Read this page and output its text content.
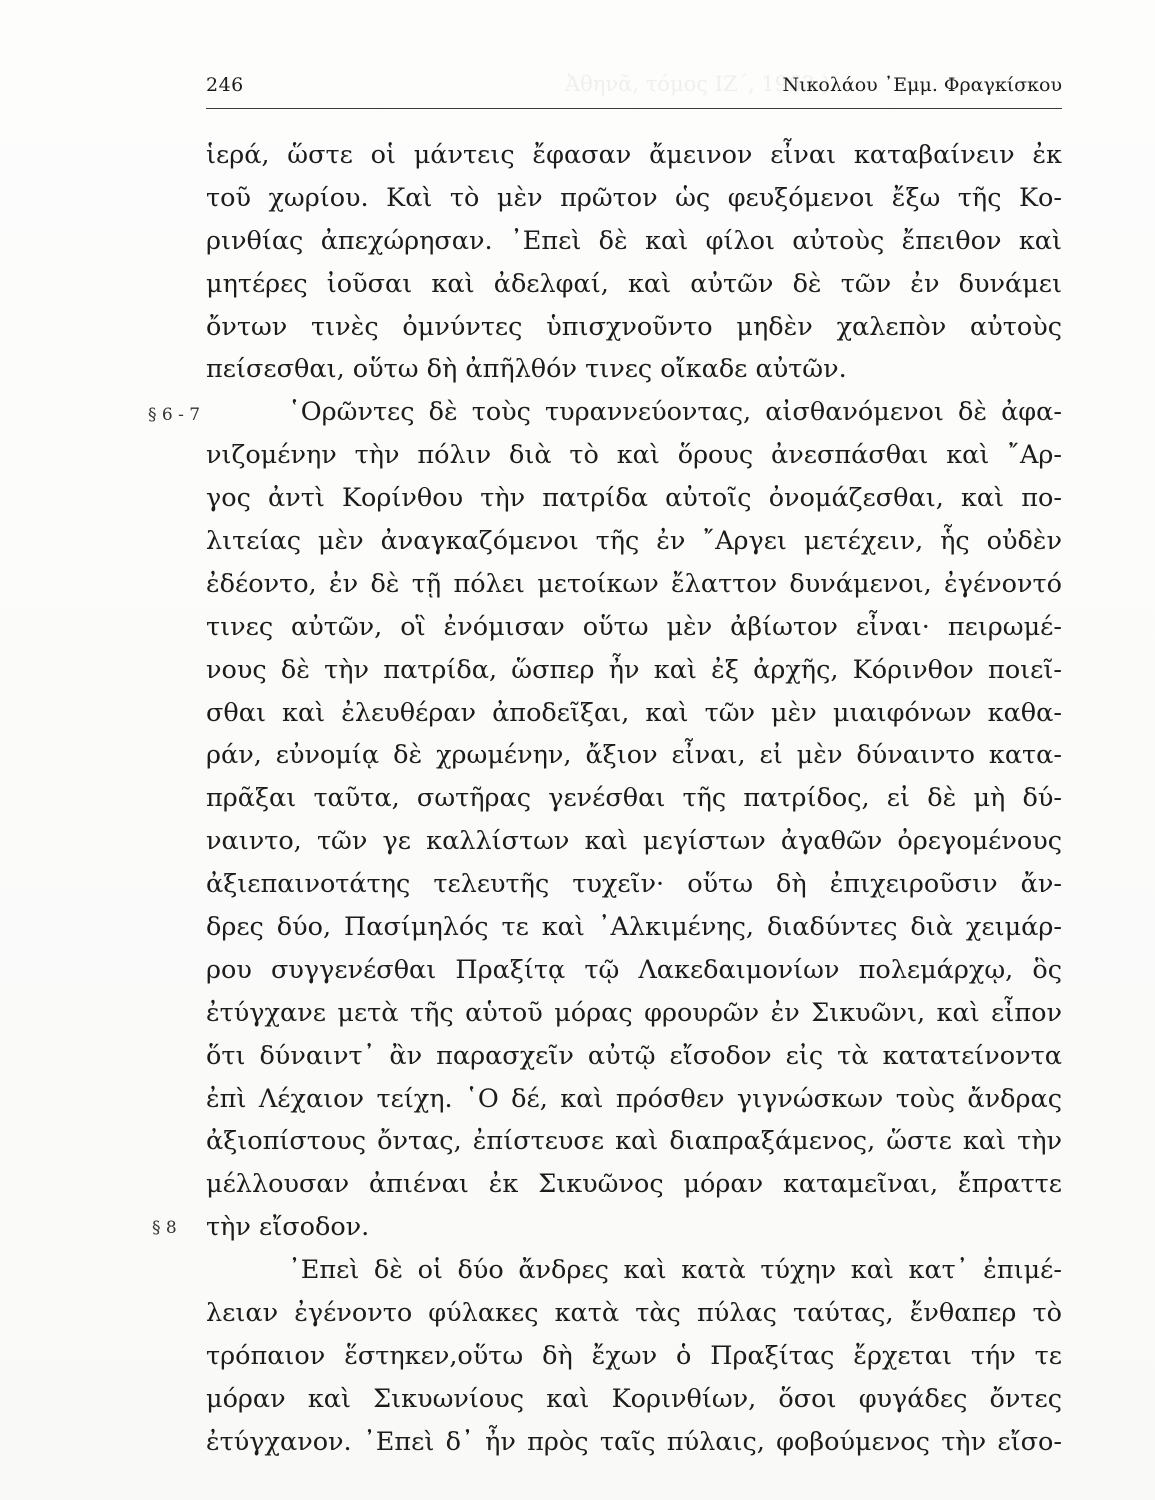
Ἀθηνᾶ, τόμος ΙΖ΄, 1963 )
246	Νικολάου ᾿Εμμ. Φραγκίσκου
§ 6 - 7
§ 8
ἱερά, ὥστε οἱ μάντεις ἔφασαν ἄμεινον εἶναι καταβαίνειν ἐκ
τοῦ χωρίου. Καὶ τὸ μὲν πρῶτον ὡς φευξόμενοι ἔξω τῆς Κο-
ρινθίας ἀπεχώρησαν. ᾿Επεὶ δὲ καὶ φίλοι αὐτοὺς ἔπειθον καὶ
μητέρες ἰοῦσαι καὶ ἀδελφαί, καὶ αὐτῶν δὲ τῶν ἐν δυνάμει
ὄντων τινὲς ὀμνύντες ὑπισχνοῦντο μηδὲν χαλεπὸν αὐτοὺς
πείσεσθαι, οὕτω δὴ ἀπῆλθόν τινες οἴκαδε αὐτῶν.
῾Ορῶντες δὲ τοὺς τυραννεύοντας, αἰσθανόμενοι δὲ ἀφα-
νιζομένην τὴν πόλιν διὰ τὸ καὶ ὅρους ἀνεσπάσθαι καὶ ῎Αρ-
γος ἀντὶ Κορίνθου τὴν πατρίδα αὐτοῖς ὀνομάζεσθαι, καὶ πο-
λιτείας μὲν ἀναγκαζόμενοι τῆς ἐν ῎Αργει μετέχειν, ἧς οὐδὲν
ἐδέοντο, ἐν δὲ τῇ πόλει μετοίκων ἔλαττον δυνάμενοι, ἐγένοντό
τινες αὐτῶν, οἳ ἐνόμισαν οὕτω μὲν ἀβίωτον εἶναι· πειρωμέ-
νους δὲ τὴν πατρίδα, ὥσπερ ἦν καὶ ἐξ ἀρχῆς, Κόρινθον ποιεῖ-
σθαι καὶ ἐλευθέραν ἀποδεῖξαι, καὶ τῶν μὲν μιαιφόνων καθα-
ράν, εὐνομίᾳ δὲ χρωμένην, ἄξιον εἶναι, εἰ μὲν δύναιντο κατα-
πρᾶξαι ταῦτα, σωτῆρας γενέσθαι τῆς πατρίδος, εἰ δὲ μὴ δύ-
ναιντο, τῶν γε καλλίστων καὶ μεγίστων ἀγαθῶν ὀρεγομένους
ἀξιεπαινοτάτης τελευτῆς τυχεῖν· οὕτω δὴ ἐπιχειροῦσιν ἄν-
δρες δύο, Πασίμηλός τε καὶ ᾿Αλκιμένης, διαδύντες διὰ χειμάρ-
ρου συγγενέσθαι Πραξίτᾳ τῷ Λακεδαιμονίων πολεμάρχῳ, ὃς
ἐτύγχανε μετὰ τῆς αὑτοῦ μόρας φρουρῶν ἐν Σικυῶνι, καὶ εἶπον
ὅτι δύναιντ᾿ ἂν παρασχεῖν αὐτῷ εἴσοδον εἰς τὰ κατατείνοντα
ἐπὶ Λέχαιον τείχη. ῾Ο δέ, καὶ πρόσθεν γιγνώσκων τοὺς ἄνδρας
ἀξιοπίστους ὄντας, ἐπίστευσε καὶ διαπραξάμενος, ὥστε καὶ τὴν
μέλλουσαν ἀπιέναι ἐκ Σικυῶνος μόραν καταμεῖναι, ἔπραττε
τὴν εἴσοδον.
᾿Επεὶ δὲ οἱ δύο ἄνδρες καὶ κατὰ τύχην καὶ κατ᾿ ἐπιμέ-
λειαν ἐγένοντο φύλακες κατὰ τὰς πύλας ταύτας, ἔνθαπερ τὸ
τρόπαιον ἕστηκεν,οὕτω δὴ ἔχων ὁ Πραξίτας ἔρχεται τήν τε
μόραν καὶ Σικυωνίους καὶ Κορινθίων, ὅσοι φυγάδες ὄντες
ἐτύγχανον. ᾿Επεὶ δ᾿ ἦν πρὸς ταῖς πύλαις, φοβούμενος τὴν εἴσο-
